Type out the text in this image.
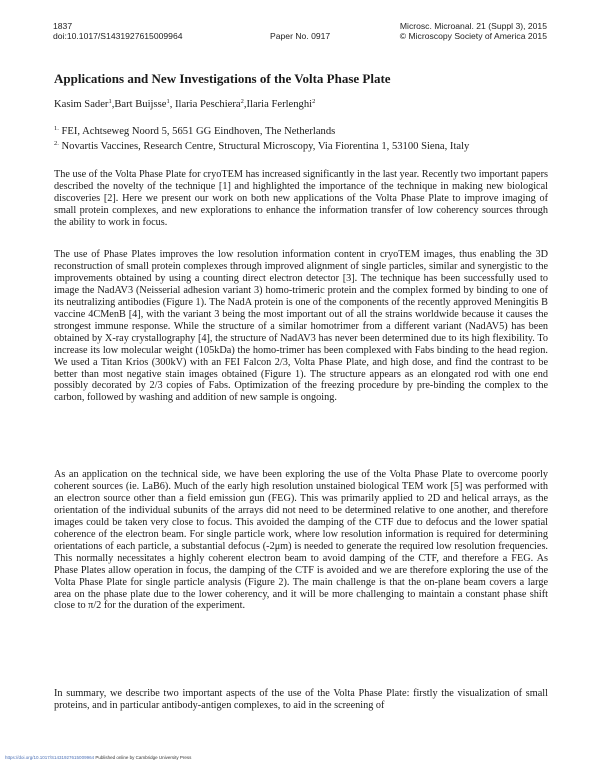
1837
doi:10.1017/S1431927615009964	Paper No. 0917
Microsc. Microanal. 21 (Suppl 3), 2015
© Microscopy Society of America 2015
Applications and New Investigations of the Volta Phase Plate
Kasim Sader$^1$,Bart Buijsse$^1$, Ilaria Peschiera$^2$,Ilaria Ferlenghi$^2$
$^{1.}$ FEI, Achtseweg Noord 5, 5651 GG Eindhoven, The Netherlands
$^{2.}$ Novartis Vaccines, Research Centre, Structural Microscopy, Via Fiorentina 1, 53100 Siena, Italy

The use of the Volta Phase Plate for cryoTEM has increased significantly in the last year. Recently two important papers described the novelty of the technique [1] and highlighted the importance of the technique in making new biological discoveries [2]. Here we present our work on both new applications of the Volta Phase Plate to improve imaging of small protein complexes, and new explorations to enhance the information transfer of low coherency sources through the ability to work in focus.

The use of Phase Plates improves the low resolution information content in cryoTEM images, thus enabling the 3D reconstruction of small protein complexes through improved alignment of single particles, similar and synergistic to the improvements obtained by using a counting direct electron detector [3]. The technique has been successfully used to image the NadAV3 (Neisserial adhesion variant 3) homo-trimeric protein and the complex formed by binding to one of its neutralizing antibodies (Figure 1). The NadA protein is one of the components of the recently approved Meningitis B vaccine 4CMenB [4], with the variant 3 being the most important out of all the strains worldwide because it causes the strongest immune response. While the structure of a similar homotrimer from a different variant (NadAV5) has been obtained by X-ray crystallography [4], the structure of NadAV3 has never been determined due to its high flexibility. To increase its low molecular weight (105kDa) the homo-trimer has been complexed with Fabs binding to the head region. We used a Titan Krios (300kV) with an FEI Falcon 2/3, Volta Phase Plate, and high dose, and find the contrast to be better than most negative stain images obtained (Figure 1). The structure appears as an elongated rod with one end possibly decorated by 2/3 copies of Fabs. Optimization of the freezing procedure by pre-binding the complex to the carbon, followed by washing and addition of new sample is ongoing.

As an application on the technical side, we have been exploring the use of the Volta Phase Plate to overcome poorly coherent sources (ie. LaB6). Much of the early high resolution unstained biological TEM work [5] was performed with an electron source other than a field emission gun (FEG). This was primarily applied to 2D and helical arrays, as the orientation of the individual subunits of the arrays did not need to be determined relative to one another, and therefore images could be taken very close to focus. This avoided the damping of the CTF due to defocus and the lower spatial coherence of the electron beam. For single particle work, where low resolution information is required for determining orientations of each particle, a substantial defocus (-2μm) is needed to generate the required low resolution frequencies. This normally necessitates a highly coherent electron beam to avoid damping of the CTF, and therefore a FEG. As Phase Plates allow operation in focus, the damping of the CTF is avoided and we are therefore exploring the use of the Volta Phase Plate for single particle analysis (Figure 2). The main challenge is that the on-plane beam covers a large area on the phase plate due to the lower coherency, and it will be more challenging to maintain a constant phase shift close to π/2 for the duration of the experiment.

In summary, we describe two important aspects of the use of the Volta Phase Plate: firstly the visualization of small proteins, and in particular antibody-antigen complexes, to aid in the screening of

https://doi.org/10.1017/S1431927615009964 Published online by Cambridge University Press
